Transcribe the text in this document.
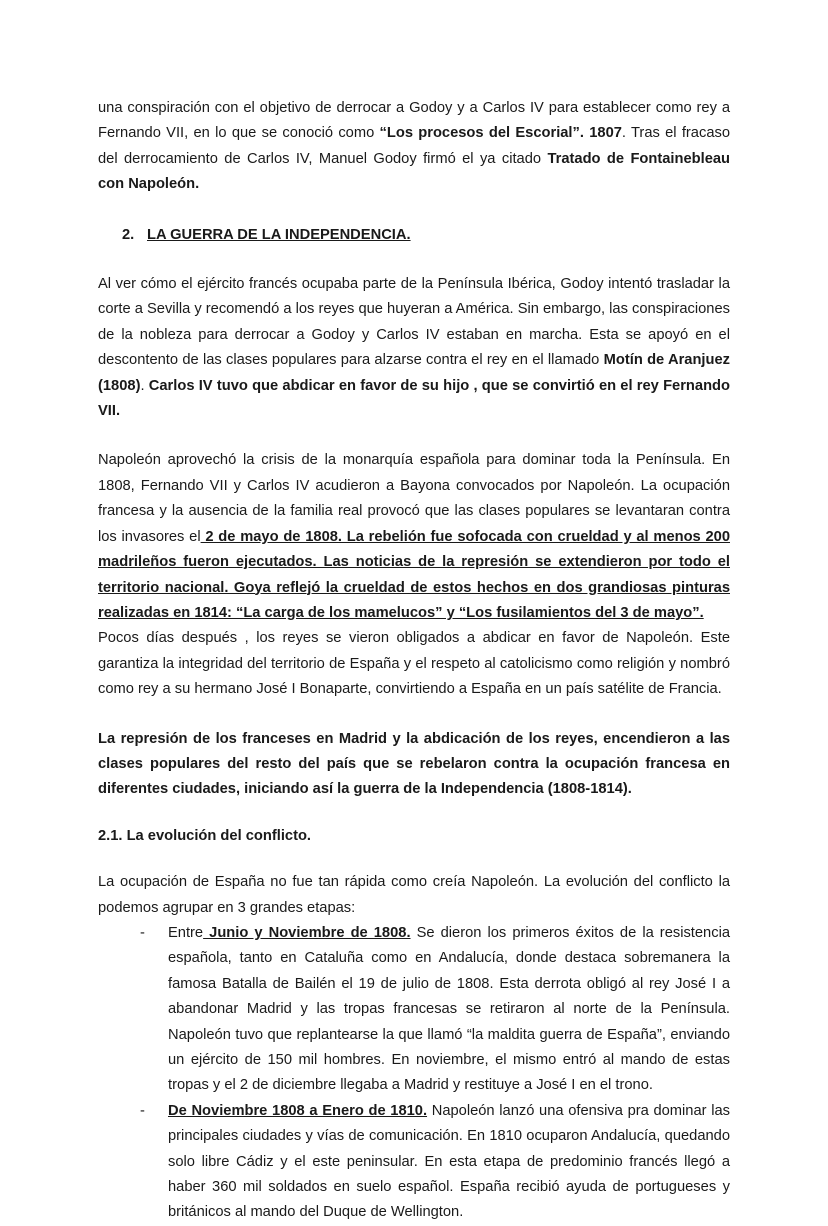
una conspiración con el objetivo de derrocar a Godoy y a Carlos IV para establecer como rey a Fernando VII, en lo que se conoció como “Los procesos del Escorial”. 1807. Tras el fracaso del derrocamiento de Carlos IV, Manuel Godoy firmó el ya citado Tratado de Fontainebleau con Napoleón.

2. LA GUERRA DE LA INDEPENDENCIA.

Al ver cómo el ejército francés ocupaba parte de la Península Ibérica, Godoy intentó trasladar la corte a Sevilla y recomendó a los reyes que huyeran a América. Sin embargo, las conspiraciones de la nobleza para derrocar a Godoy y Carlos IV estaban en marcha. Esta se apoyó en el descontento de las clases populares para alzarse contra el rey en el llamado Motín de Aranjuez (1808). Carlos IV tuvo que abdicar en favor de su hijo , que se convirtió en el rey Fernando VII.

Napoleón aprovechó la crisis de la monarquía española para dominar toda la Península. En 1808, Fernando VII y Carlos IV acudieron a Bayona convocados por Napoleón. La ocupación francesa y la ausencia de la familia real provocó que las clases populares se levantaran contra los invasores el 2 de mayo de 1808. La rebelión fue sofocada con crueldad y al menos 200 madrileños fueron ejecutados. Las noticias de la represión se extendieron por todo el territorio nacional. Goya reflejó la crueldad de estos hechos en dos grandiosas pinturas realizadas en 1814: “La carga de los mamelucos” y “Los fusilamientos del 3 de mayo”.

Pocos días después , los reyes se vieron obligados a abdicar en favor de Napoleón. Este garantiza la integridad del territorio de España y el respeto al catolicismo como religión y nombró como rey a su hermano José I Bonaparte, convirtiendo a España en un país satélite de Francia.

La represión de los franceses en Madrid y la abdicación de los reyes, encendieron a las clases populares del resto del país que se rebelaron contra la ocupación francesa en diferentes ciudades, iniciando así la guerra de la Independencia (1808-1814).

2.1. La evolución del conflicto.

La ocupación de España no fue tan rápida como creía Napoleón. La evolución del conflicto la podemos agrupar en 3 grandes etapas:

- Entre Junio y Noviembre de 1808. Se dieron los primeros éxitos de la resistencia española, tanto en Cataluña como en Andalucía, donde destaca sobremanera la famosa Batalla de Bailén el 19 de julio de 1808. Esta derrota obligó al rey José I a abandonar Madrid y las tropas francesas se retiraron al norte de la Península. Napoleón tuvo que replantearse la que llamó “la maldita guerra de España”, enviando un ejército de 150 mil hombres. En noviembre, el mismo entró al mando de estas tropas y el 2 de diciembre llegaba a Madrid y restituye a José I en el trono.
- De Noviembre 1808 a Enero de 1810. Napoleón lanzó una ofensiva pra dominar las principales ciudades y vías de comunicación. En 1810 ocuparon Andalucía, quedando solo libre Cádiz y el este peninsular. En esta etapa de predominio francés llegó a haber 360 mil soldados en suelo español. España recibió ayuda de portugueses y británicos al mando del Duque de Wellington.
